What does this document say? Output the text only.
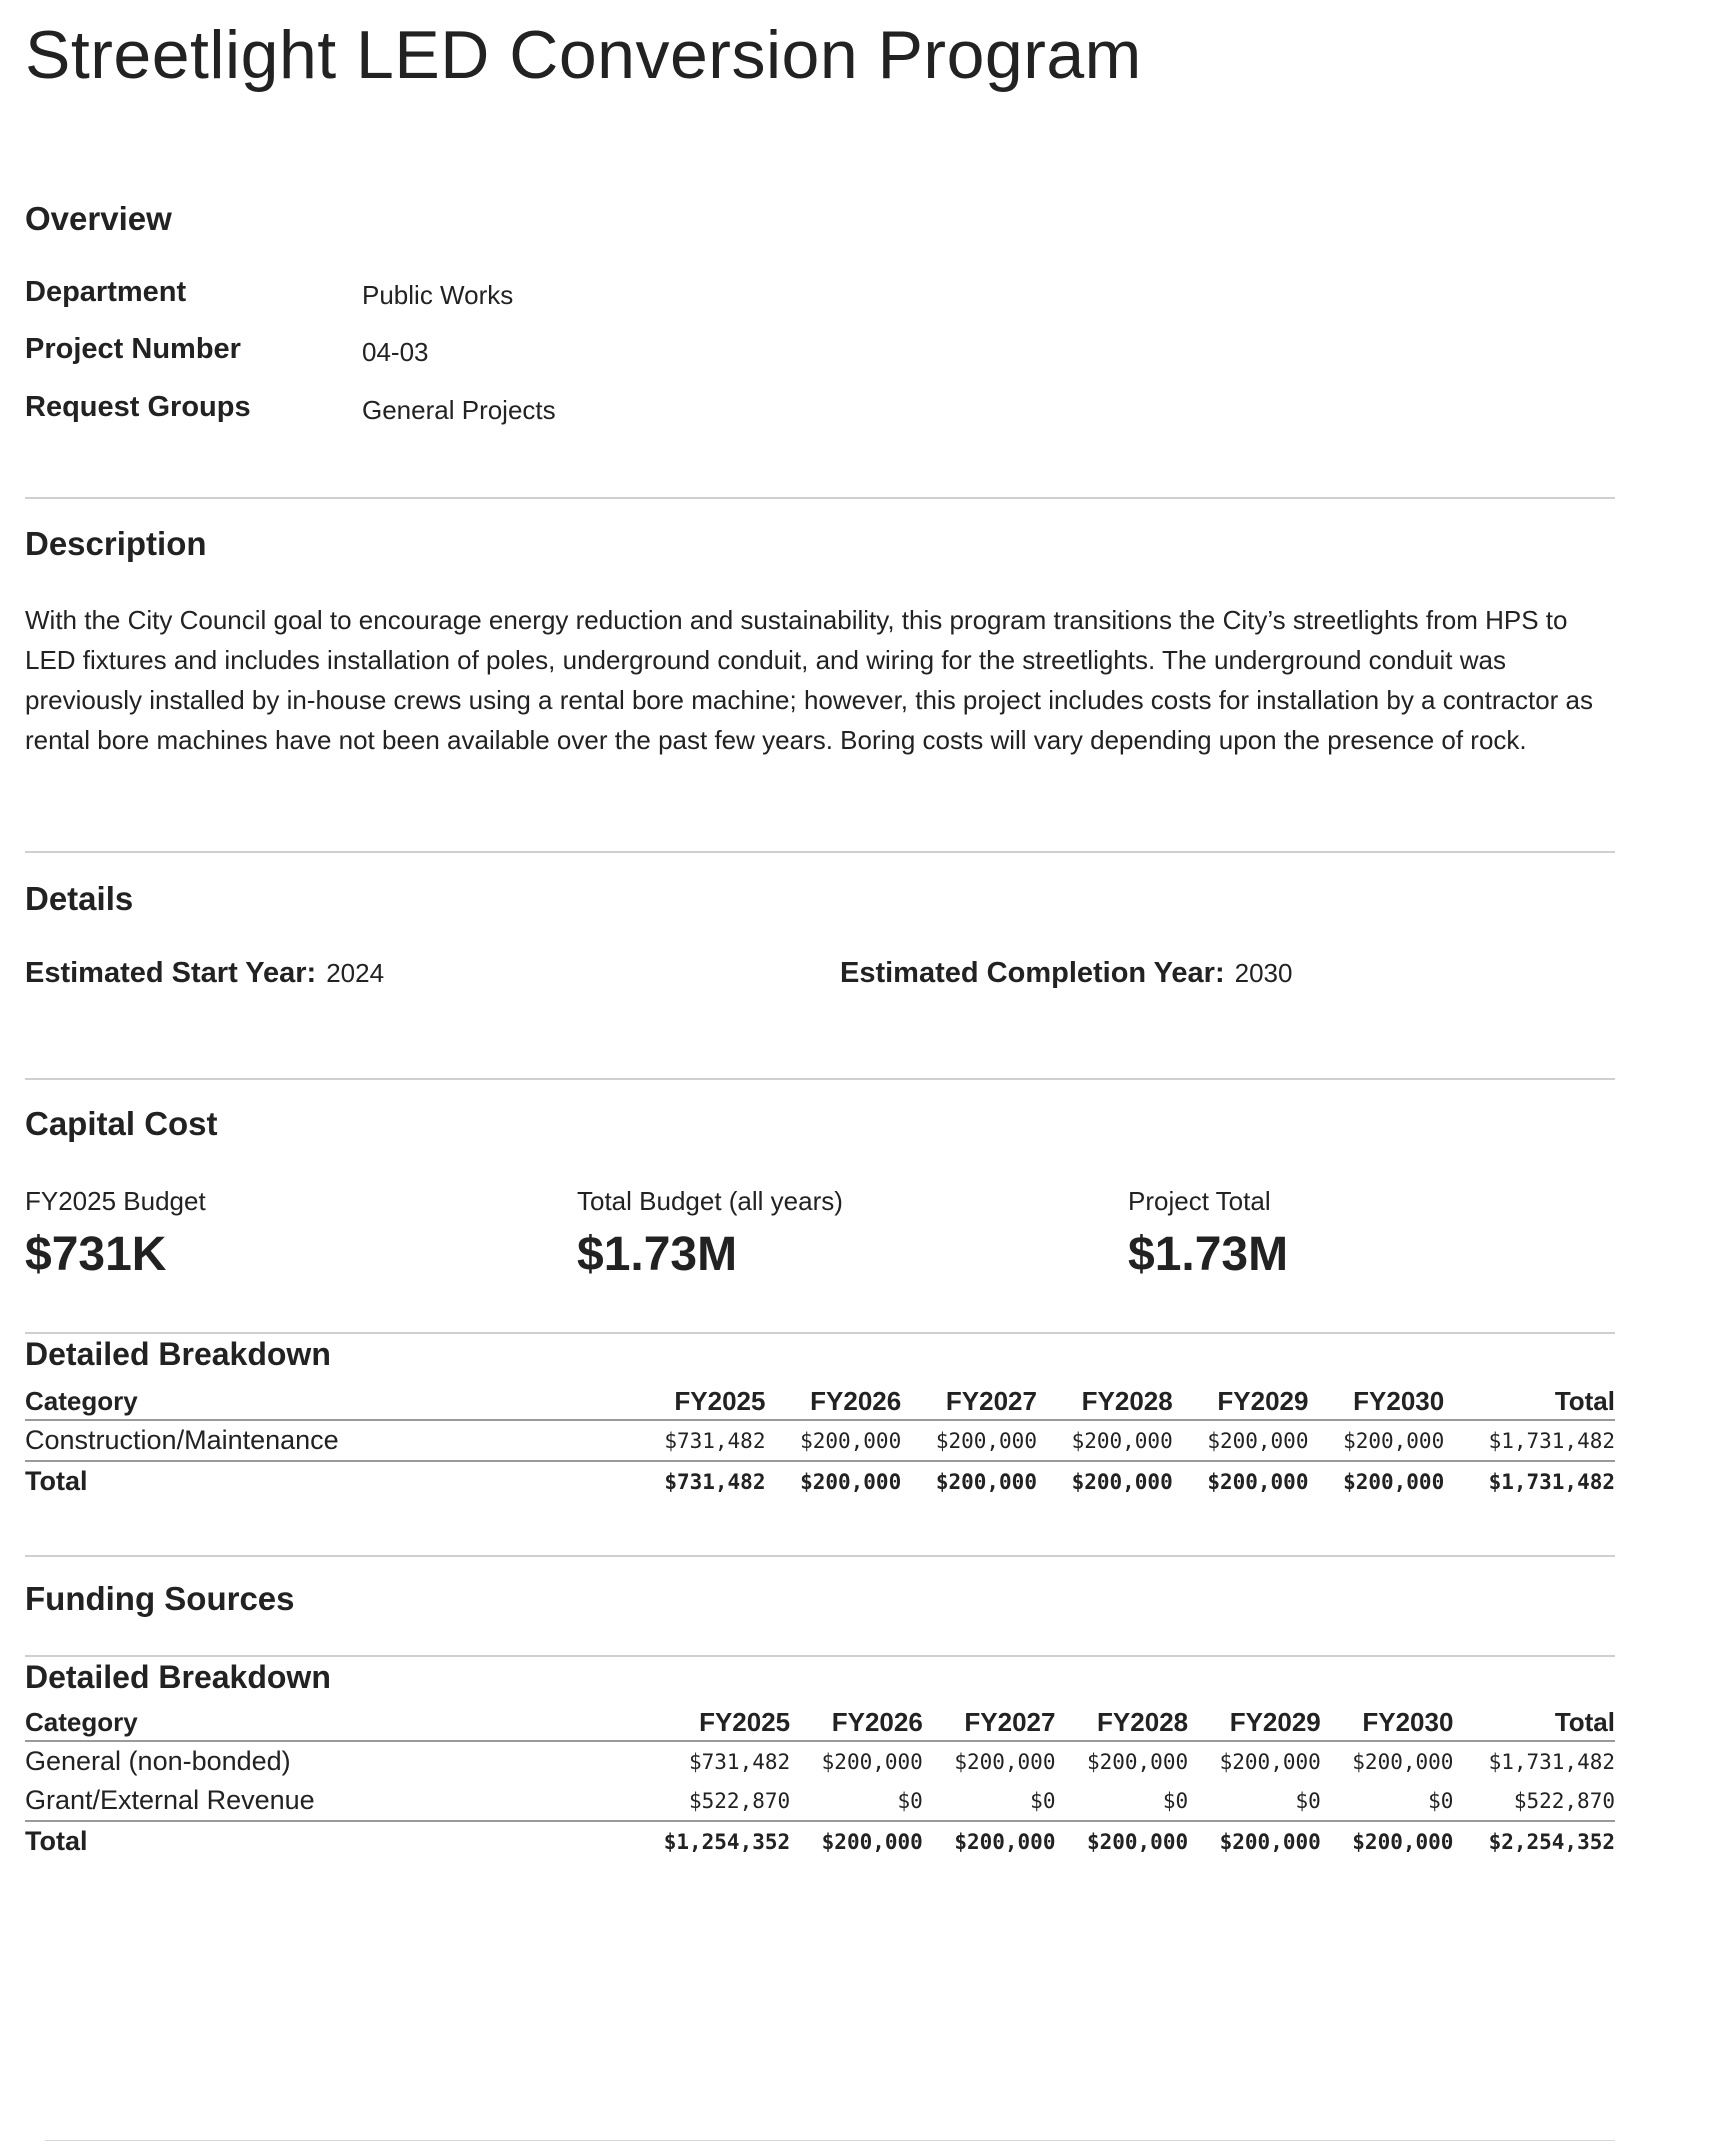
Streetlight LED Conversion Program
Overview
Department	Public Works
Project Number	04-03
Request Groups	General Projects
Description

With the City Council goal to encourage energy reduction and sustainability, this program transitions the City’s streetlights from HPS to LED fixtures and includes installation of poles, underground conduit, and wiring for the streetlights. The underground conduit was previously installed by in-house crews using a rental bore machine; however, this project includes costs for installation by a contractor as rental bore machines have not been available over the past few years. Boring costs will vary depending upon the presence of rock.

Details
Estimated Start Year: 2024	Estimated Completion Year: 2030
Capital Cost
FY2025 Budget
$731K
Total Budget (all years)
$1.73M
Project Total
$1.73M
Detailed Breakdown
Category	FY2025	FY2026	FY2027	FY2028	FY2029	FY2030	Total
Construction/Maintenance	$731,482	$200,000	$200,000	$200,000	$200,000	$200,000	$1,731,482
Total	$731,482	$200,000	$200,000	$200,000	$200,000	$200,000	$1,731,482
Funding Sources
Detailed Breakdown
Category	FY2025	FY2026	FY2027	FY2028	FY2029	FY2030	Total
General (non-bonded)	$731,482	$200,000	$200,000	$200,000	$200,000	$200,000	$1,731,482
Grant/External Revenue	$522,870	$0	$0	$0	$0	$0	$522,870
Total	$1,254,352	$200,000	$200,000	$200,000	$200,000	$200,000	$2,254,352
